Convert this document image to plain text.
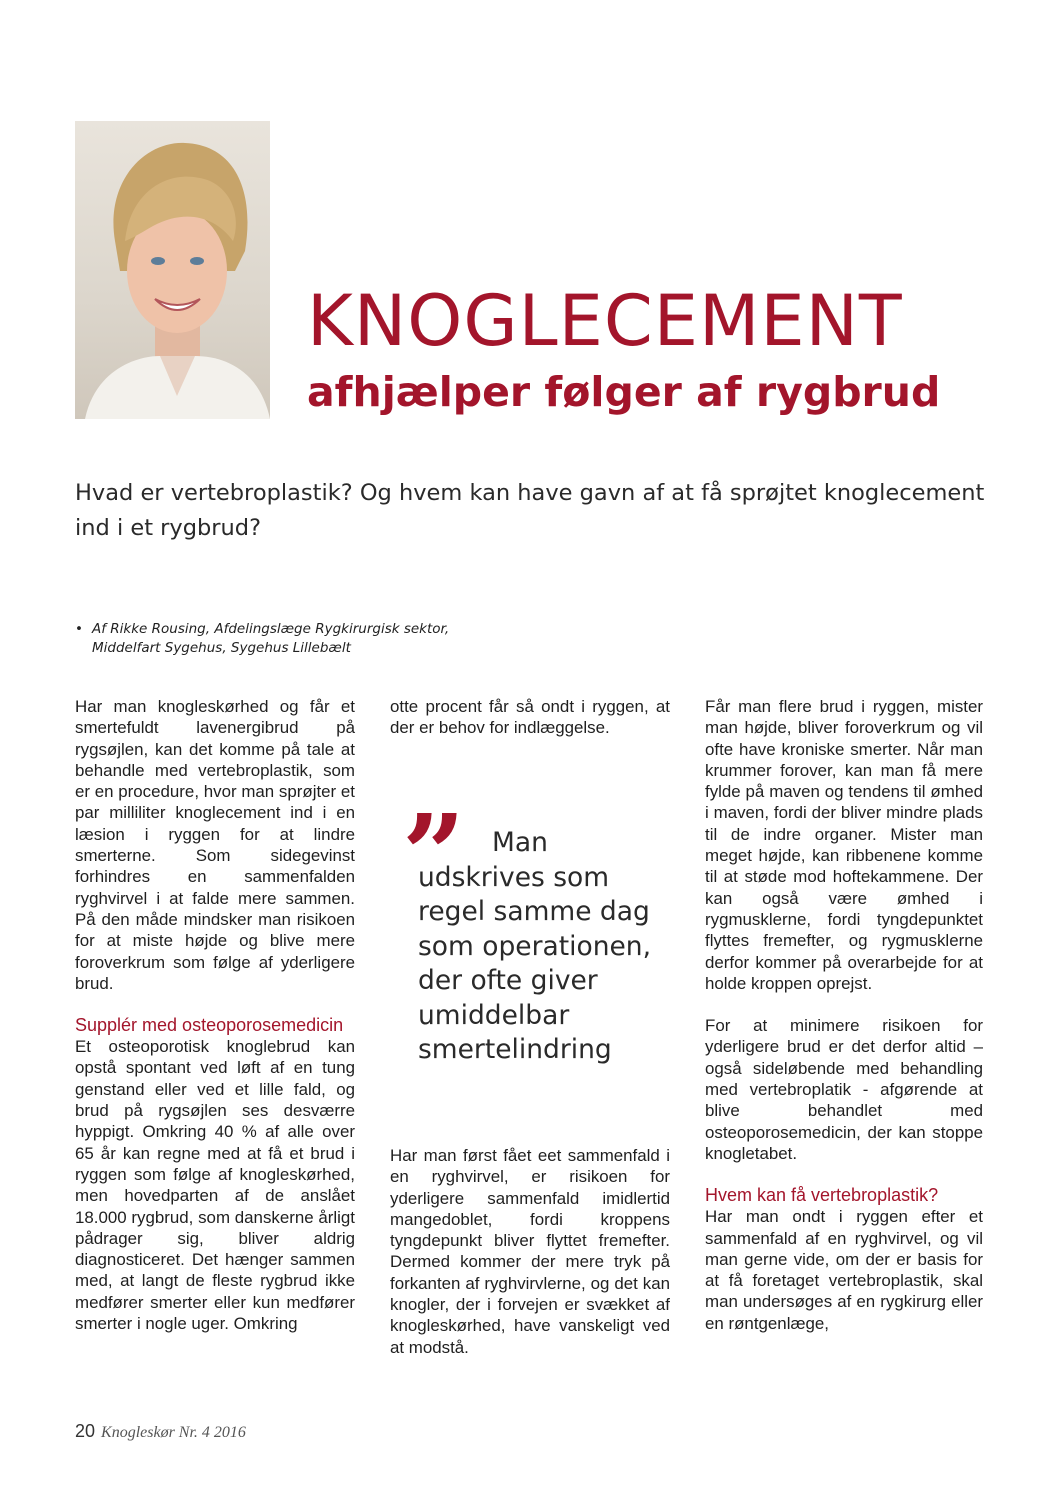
KNOGLECEMENT
afhjælper følger af rygbrud

Hvad er vertebroplastik? Og hvem kan have gavn af at få sprøjtet knoglecement ind i et rygbrud?

• Af Rikke Rousing, Afdelingslæge Rygkirurgisk sektor,
Middelfart Sygehus, Sygehus Lillebælt

Har man knogleskørhed og får et smertefuldt lavenergibrud på rygsøjlen, kan det komme på tale at behandle med vertebroplastik, som er en procedure, hvor man sprøjter et par milliliter knoglecement ind i en læsion i ryggen for at lindre smerterne. Som sidegevinst forhindres en sammenfalden ryghvirvel i at falde mere sammen. På den måde mindsker man risikoen for at miste højde og blive mere foroverkrum som følge af yderligere brud.

Supplér med osteoporosemedicin

Et osteoporotisk knoglebrud kan opstå spontant ved løft af en tung genstand eller ved et lille fald, og brud på rygsøjlen ses desværre hyppigt. Omkring 40 % af alle over 65 år kan regne med at få et brud i ryggen som følge af knogleskørhed, men hovedparten af de anslået 18.000 rygbrud, som danskerne årligt pådrager sig, bliver aldrig diagnosticeret. Det hænger sammen med, at langt de fleste rygbrud ikke medfører smerter eller kun medfører smerter i nogle uger. Omkring

otte procent får så ondt i ryggen, at der er behov for indlæggelse.

”	Man udskrives som regel samme dag som operationen, der ofte giver umiddelbar smertelindring

Har man først fået eet sammenfald i en ryghvirvel, er risikoen for yderligere sammenfald imidlertid mangedoblet, fordi kroppens tyngdepunkt bliver flyttet fremefter. Dermed kommer der mere tryk på forkanten af ryghvirvlerne, og det kan knogler, der i forvejen er svækket af knogleskørhed, have vanskeligt ved at modstå.

Får man flere brud i ryggen, mister man højde, bliver foroverkrum og vil ofte have kroniske smerter. Når man krummer forover, kan man få mere fylde på maven og tendens til ømhed i maven, fordi der bliver mindre plads til de indre organer. Mister man meget højde, kan ribbenene komme til at støde mod hoftekammene. Der kan også være ømhed i rygmusklerne, fordi tyngdepunktet flyttes fremefter, og rygmusklerne derfor kommer på overarbejde for at holde kroppen oprejst.

For at minimere risikoen for yderligere brud er det derfor altid – også sideløbende med behandling med vertebroplatik - afgørende at blive behandlet med osteoporosemedicin, der kan stoppe knogletabet.

Hvem kan få vertebroplastik?

Har man ondt i ryggen efter et sammenfald af en ryghvirvel, og vil man gerne vide, om der er basis for at få foretaget vertebroplastik, skal man undersøges af en rygkirurg eller en røntgenlæge,

20 Knogleskør Nr. 4 2016
